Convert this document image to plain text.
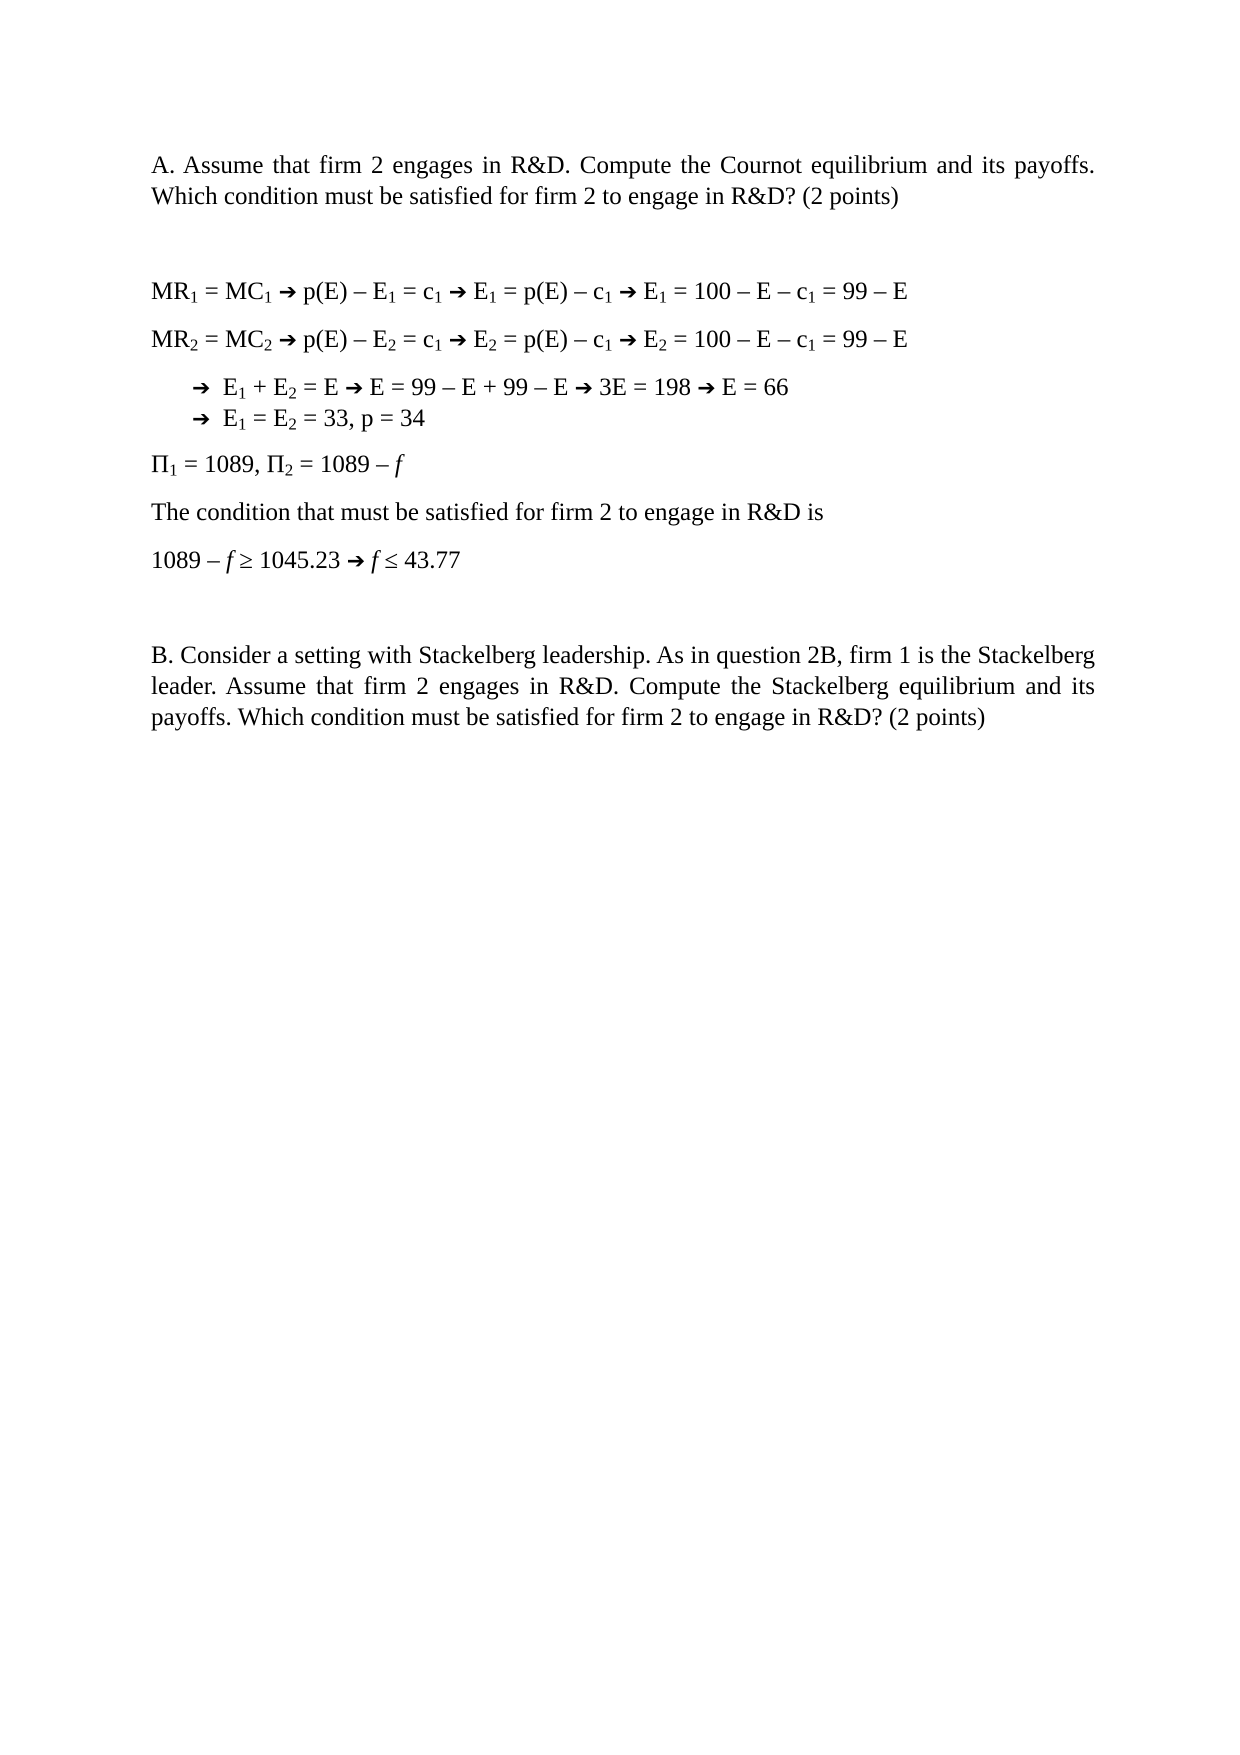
A. Assume that firm 2 engages in R&D. Compute the Cournot equilibrium and its payoffs. Which condition must be satisfied for firm 2 to engage in R&D? (2 points)
$MR_1 = MC_1$ ➔ $p(E) - E_1 = c_1$ ➔ $E_1 = p(E) - c_1$ ➔ $E_1 = 100 - E - c_1 = 99 - E$
$MR_2 = MC_2$ ➔ $p(E) - E_2 = c_1$ ➔ $E_2 = p(E) - c_1$ ➔ $E_2 = 100 - E - c_1 = 99 - E$
➔ $E_1 + E_2 = E$ ➔ E = 99 – E + 99 – E ➔ 3E = 198 ➔ E = 66
➔ $E_1 = E_2 = 33$, p = 34
$\Pi_1 = 1089$, $\Pi_2 = 1089 - f$
The condition that must be satisfied for firm 2 to engage in R&D is
1089 – f ≥ 1045.23 ➔ f ≤ 43.77
B. Consider a setting with Stackelberg leadership. As in question 2B, firm 1 is the Stackelberg leader. Assume that firm 2 engages in R&D. Compute the Stackelberg equilibrium and its payoffs. Which condition must be satisfied for firm 2 to engage in R&D? (2 points)
